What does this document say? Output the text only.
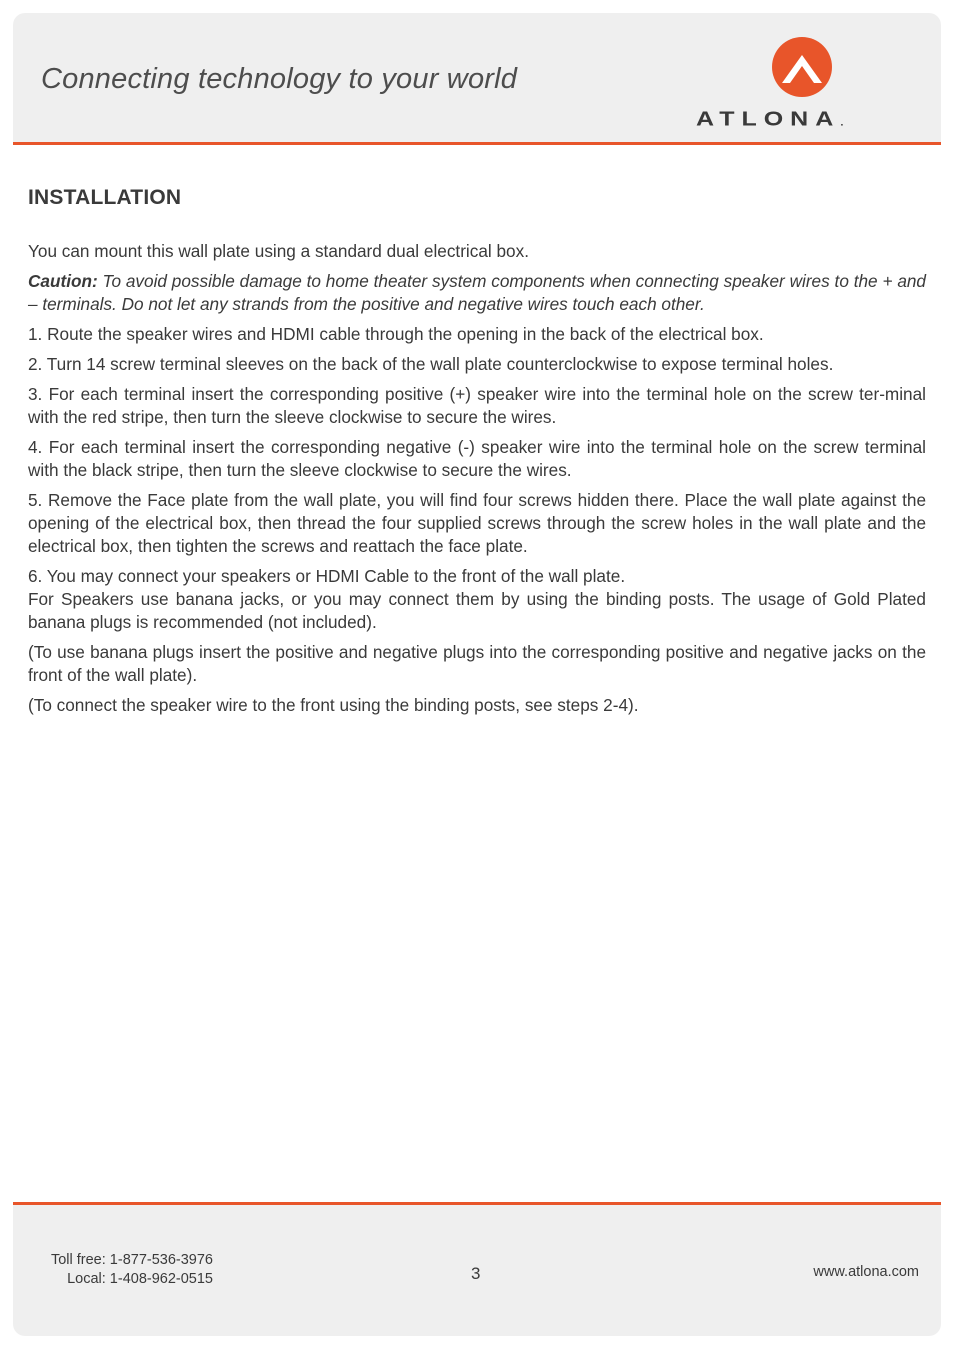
Connecting technology to your world
ATLONA.
INSTALLATION

You can mount this wall plate using a standard dual electrical box.

Caution: To avoid possible damage to home theater system components when connecting speaker wires to the + and – terminals. Do not let any strands from the positive and negative wires touch each other.

1. Route the speaker wires and HDMI cable through the opening in the back of the electrical box.

2. Turn 14 screw terminal sleeves on the back of the wall plate counterclockwise to expose terminal holes.

3. For each terminal insert the corresponding positive (+) speaker wire into the terminal hole on the screw ter-minal with the red stripe, then turn the sleeve clockwise to secure the wires.

4. For each terminal insert the corresponding negative (-) speaker wire into the terminal hole on the screw terminal with the black stripe, then turn the sleeve clockwise to secure the wires.

5. Remove the Face plate from the wall plate, you will find four screws hidden there. Place the wall plate against the opening of the electrical box, then thread the four supplied screws through the screw holes in the wall plate and the electrical box, then tighten the screws and reattach the face plate.

6. You may connect your speakers or HDMI Cable to the front of the wall plate.
For Speakers use banana jacks, or you may connect them by using the binding posts. The usage of Gold Plated banana plugs is recommended (not included).

(To use banana plugs insert the positive and negative plugs into the corresponding positive and negative jacks on the front of the wall plate).

(To connect the speaker wire to the front using the binding posts, see steps 2-4).

Toll free: 1-877-536-3976
Local: 1-408-962-0515	3	www.atlona.com
